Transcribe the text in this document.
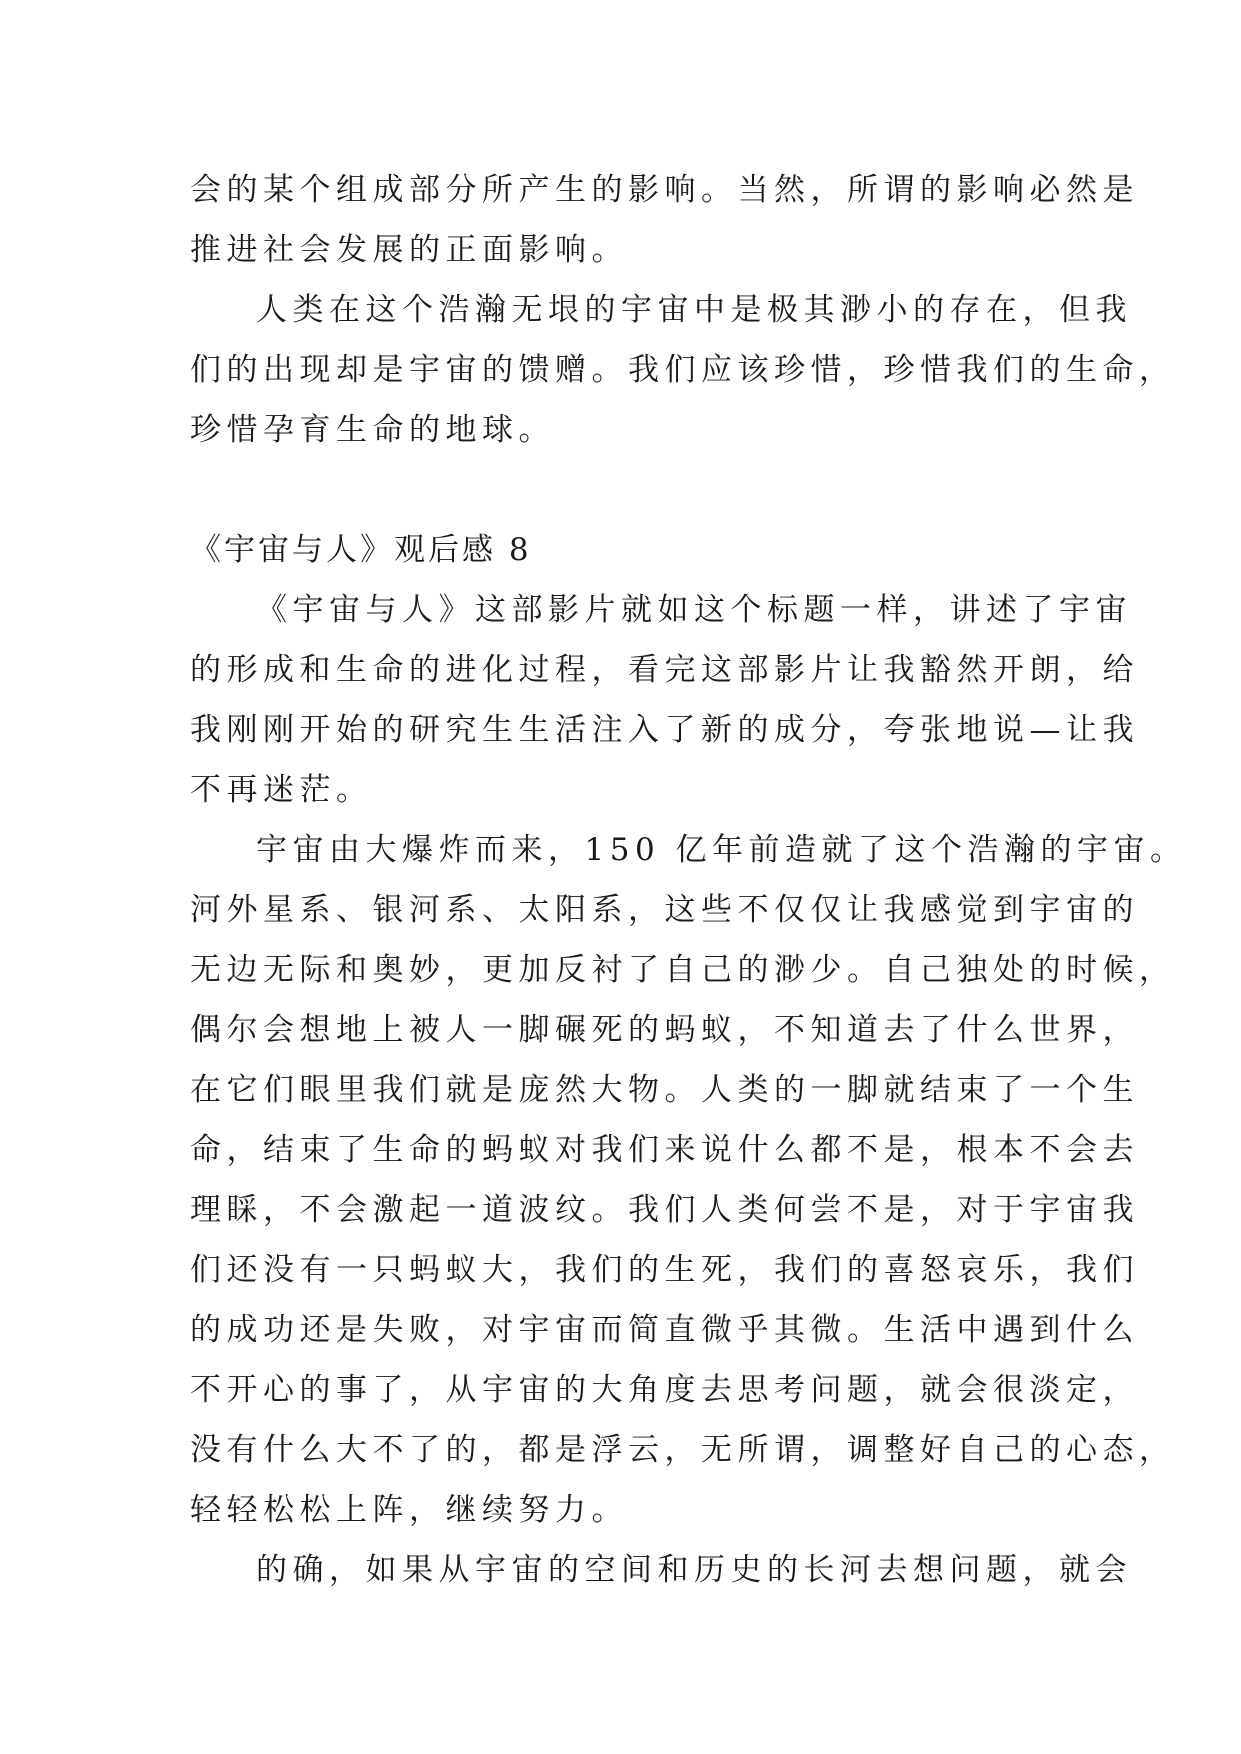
会的某个组成部分所产生的影响。当然，所谓的影响必然是
推进社会发展的正面影响。
人类在这个浩瀚无垠的宇宙中是极其渺小的存在，但我
们的出现却是宇宙的馈赠。我们应该珍惜，珍惜我们的生命，
珍惜孕育生命的地球。
《宇宙与人》观后感 8
《宇宙与人》这部影片就如这个标题一样，讲述了宇宙
的形成和生命的进化过程，看完这部影片让我豁然开朗，给
我刚刚开始的研究生生活注入了新的成分，夸张地说—让我
不再迷茫。
宇宙由大爆炸而来，150 亿年前造就了这个浩瀚的宇宙。
河外星系、银河系、太阳系，这些不仅仅让我感觉到宇宙的
无边无际和奥妙，更加反衬了自己的渺少。自己独处的时候，
偶尔会想地上被人一脚碾死的蚂蚁，不知道去了什么世界，
在它们眼里我们就是庞然大物。人类的一脚就结束了一个生
命，结束了生命的蚂蚁对我们来说什么都不是，根本不会去
理睬，不会激起一道波纹。我们人类何尝不是，对于宇宙我
们还没有一只蚂蚁大，我们的生死，我们的喜怒哀乐，我们
的成功还是失败，对宇宙而简直微乎其微。生活中遇到什么
不开心的事了，从宇宙的大角度去思考问题，就会很淡定，
没有什么大不了的，都是浮云，无所谓，调整好自己的心态，
轻轻松松上阵，继续努力。
的确，如果从宇宙的空间和历史的长河去想问题，就会
